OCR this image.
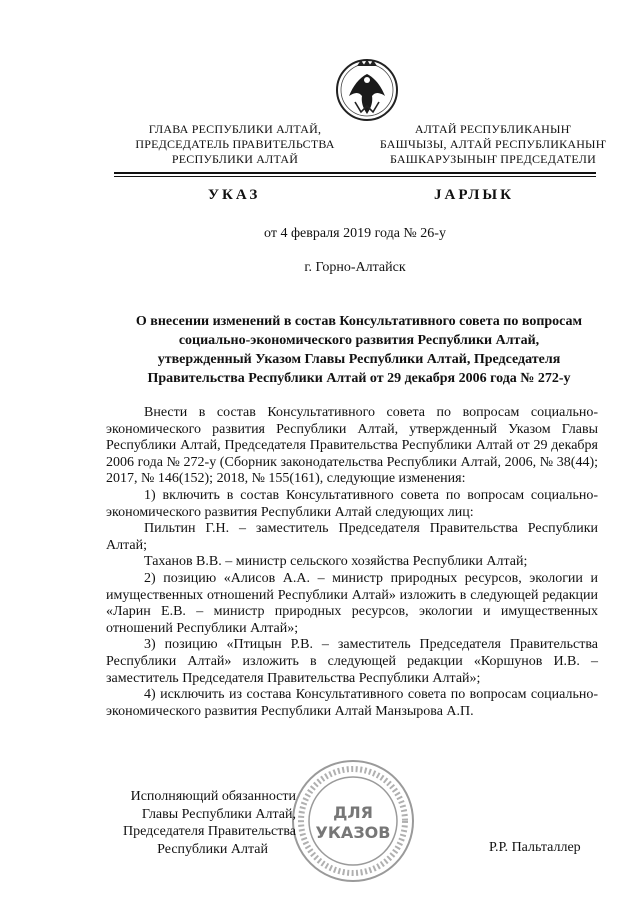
ГЛАВА РЕСПУБЛИКИ АЛТАЙ,
ПРЕДСЕДАТЕЛЬ ПРАВИТЕЛЬСТВА
РЕСПУБЛИКИ АЛТАЙ
АЛТАЙ РЕСПУБЛИКАНЫҤ
БАШЧЫЗЫ, АЛТАЙ РЕСПУБЛИКАНЫҤ
БАШКАРУЗЫНЫҤ ПРЕДСЕДАТЕЛИ
УКАЗ	JАРЛЫК
от 4 февраля 2019 года № 26-у
г. Горно-Алтайск
О внесении изменений в состав Консультативного совета по вопросам
социально-экономического развития Республики Алтай,
утвержденный Указом Главы Республики Алтай, Председателя
Правительства Республики Алтай от 29 декабря 2006 года № 272-у

Внести в состав Консультативного совета по вопросам социально-экономического развития Республики Алтай, утвержденный Указом Главы Республики Алтай, Председателя Правительства Республики Алтай от 29 декабря 2006 года № 272-у (Сборник законодательства Республики Алтай, 2006, № 38(44); 2017, № 146(152); 2018, № 155(161), следующие изменения:

1) включить в состав Консультативного совета по вопросам социально-экономического развития Республики Алтай следующих лиц:

Пильтин Г.Н. – заместитель Председателя Правительства Республики Алтай;

Таханов В.В. – министр сельского хозяйства Республики Алтай;

2) позицию «Алисов А.А. – министр природных ресурсов, экологии и имущественных отношений Республики Алтай» изложить в следующей редакции «Ларин Е.В. – министр природных ресурсов, экологии и имущественных отношений Республики Алтай»;

3) позицию «Птицын Р.В. – заместитель Председателя Правительства Республики Алтай» изложить в следующей редакции «Коршунов И.В. – заместитель Председателя Правительства Республики Алтай»;

4) исключить из состава Консультативного совета по вопросам социально-экономического развития Республики Алтай Манзырова А.П.

ДЛЯ
УКАЗОВ
Исполняющий обязанности
Главы Республики Алтай,
Председателя Правительства
Республики Алтай	Р.Р. Пальталлер
